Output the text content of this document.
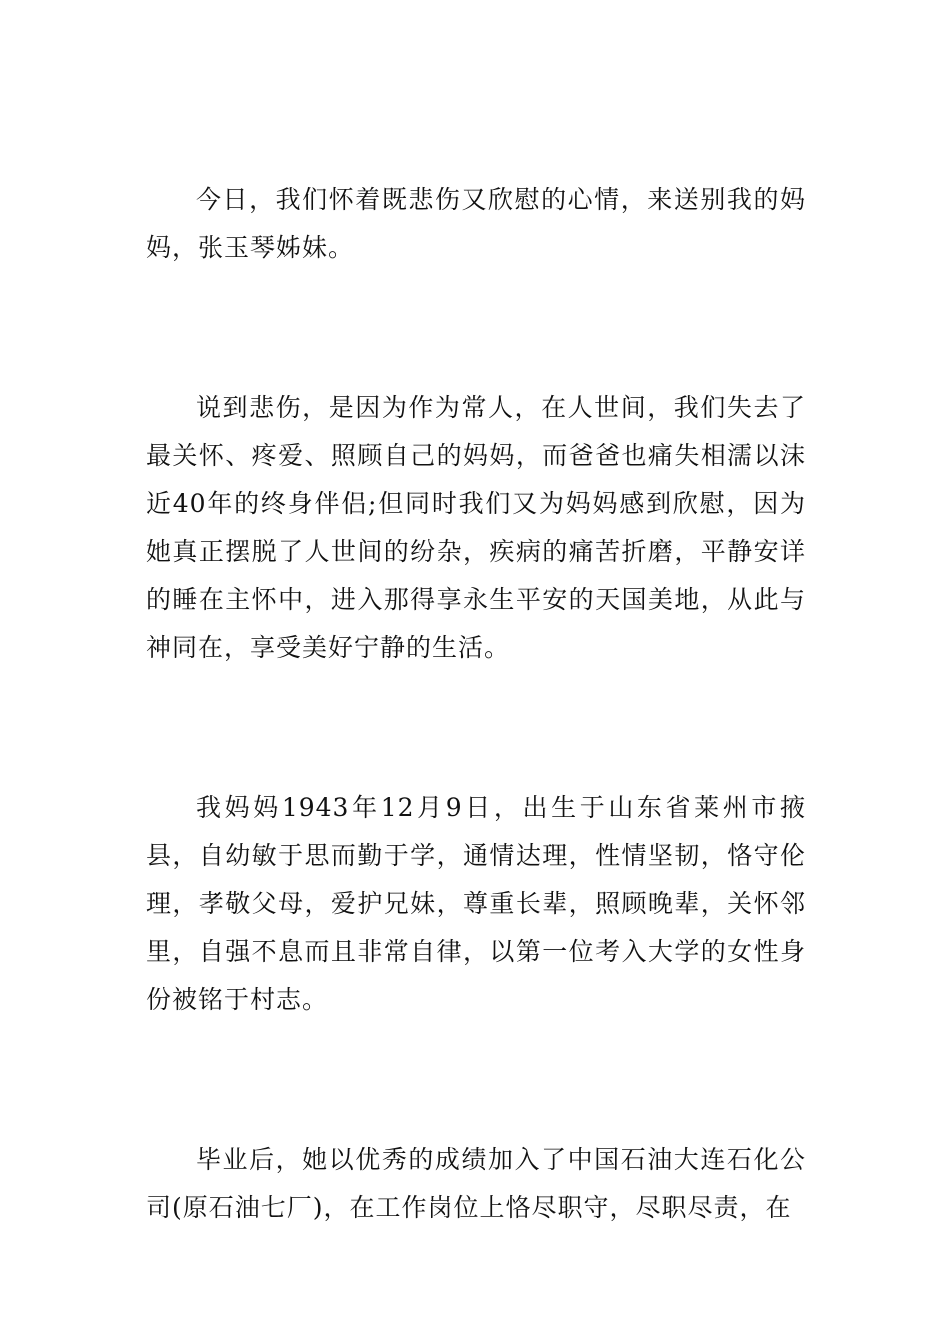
今日，我们怀着既悲伤又欣慰的心情，来送别我的妈妈，张玉琴姊妹。

说到悲伤，是因为作为常人，在人世间，我们失去了最关怀、疼爱、照顾自己的妈妈，而爸爸也痛失相濡以沫近40年的终身伴侣;但同时我们又为妈妈感到欣慰，因为她真正摆脱了人世间的纷杂，疾病的痛苦折磨，平静安详的睡在主怀中，进入那得享永生平安的天国美地，从此与神同在，享受美好宁静的生活。

我妈妈1943年12月9日，出生于山东省莱州市掖县，自幼敏于思而勤于学，通情达理，性情坚韧，恪守伦理，孝敬父母，爱护兄妹，尊重长辈，照顾晚辈，关怀邻里，自强不息而且非常自律，以第一位考入大学的女性身份被铭于村志。

毕业后，她以优秀的成绩加入了中国石油大连石化公司(原石油七厂)，在工作岗位上恪尽职守，尽职尽责，在
